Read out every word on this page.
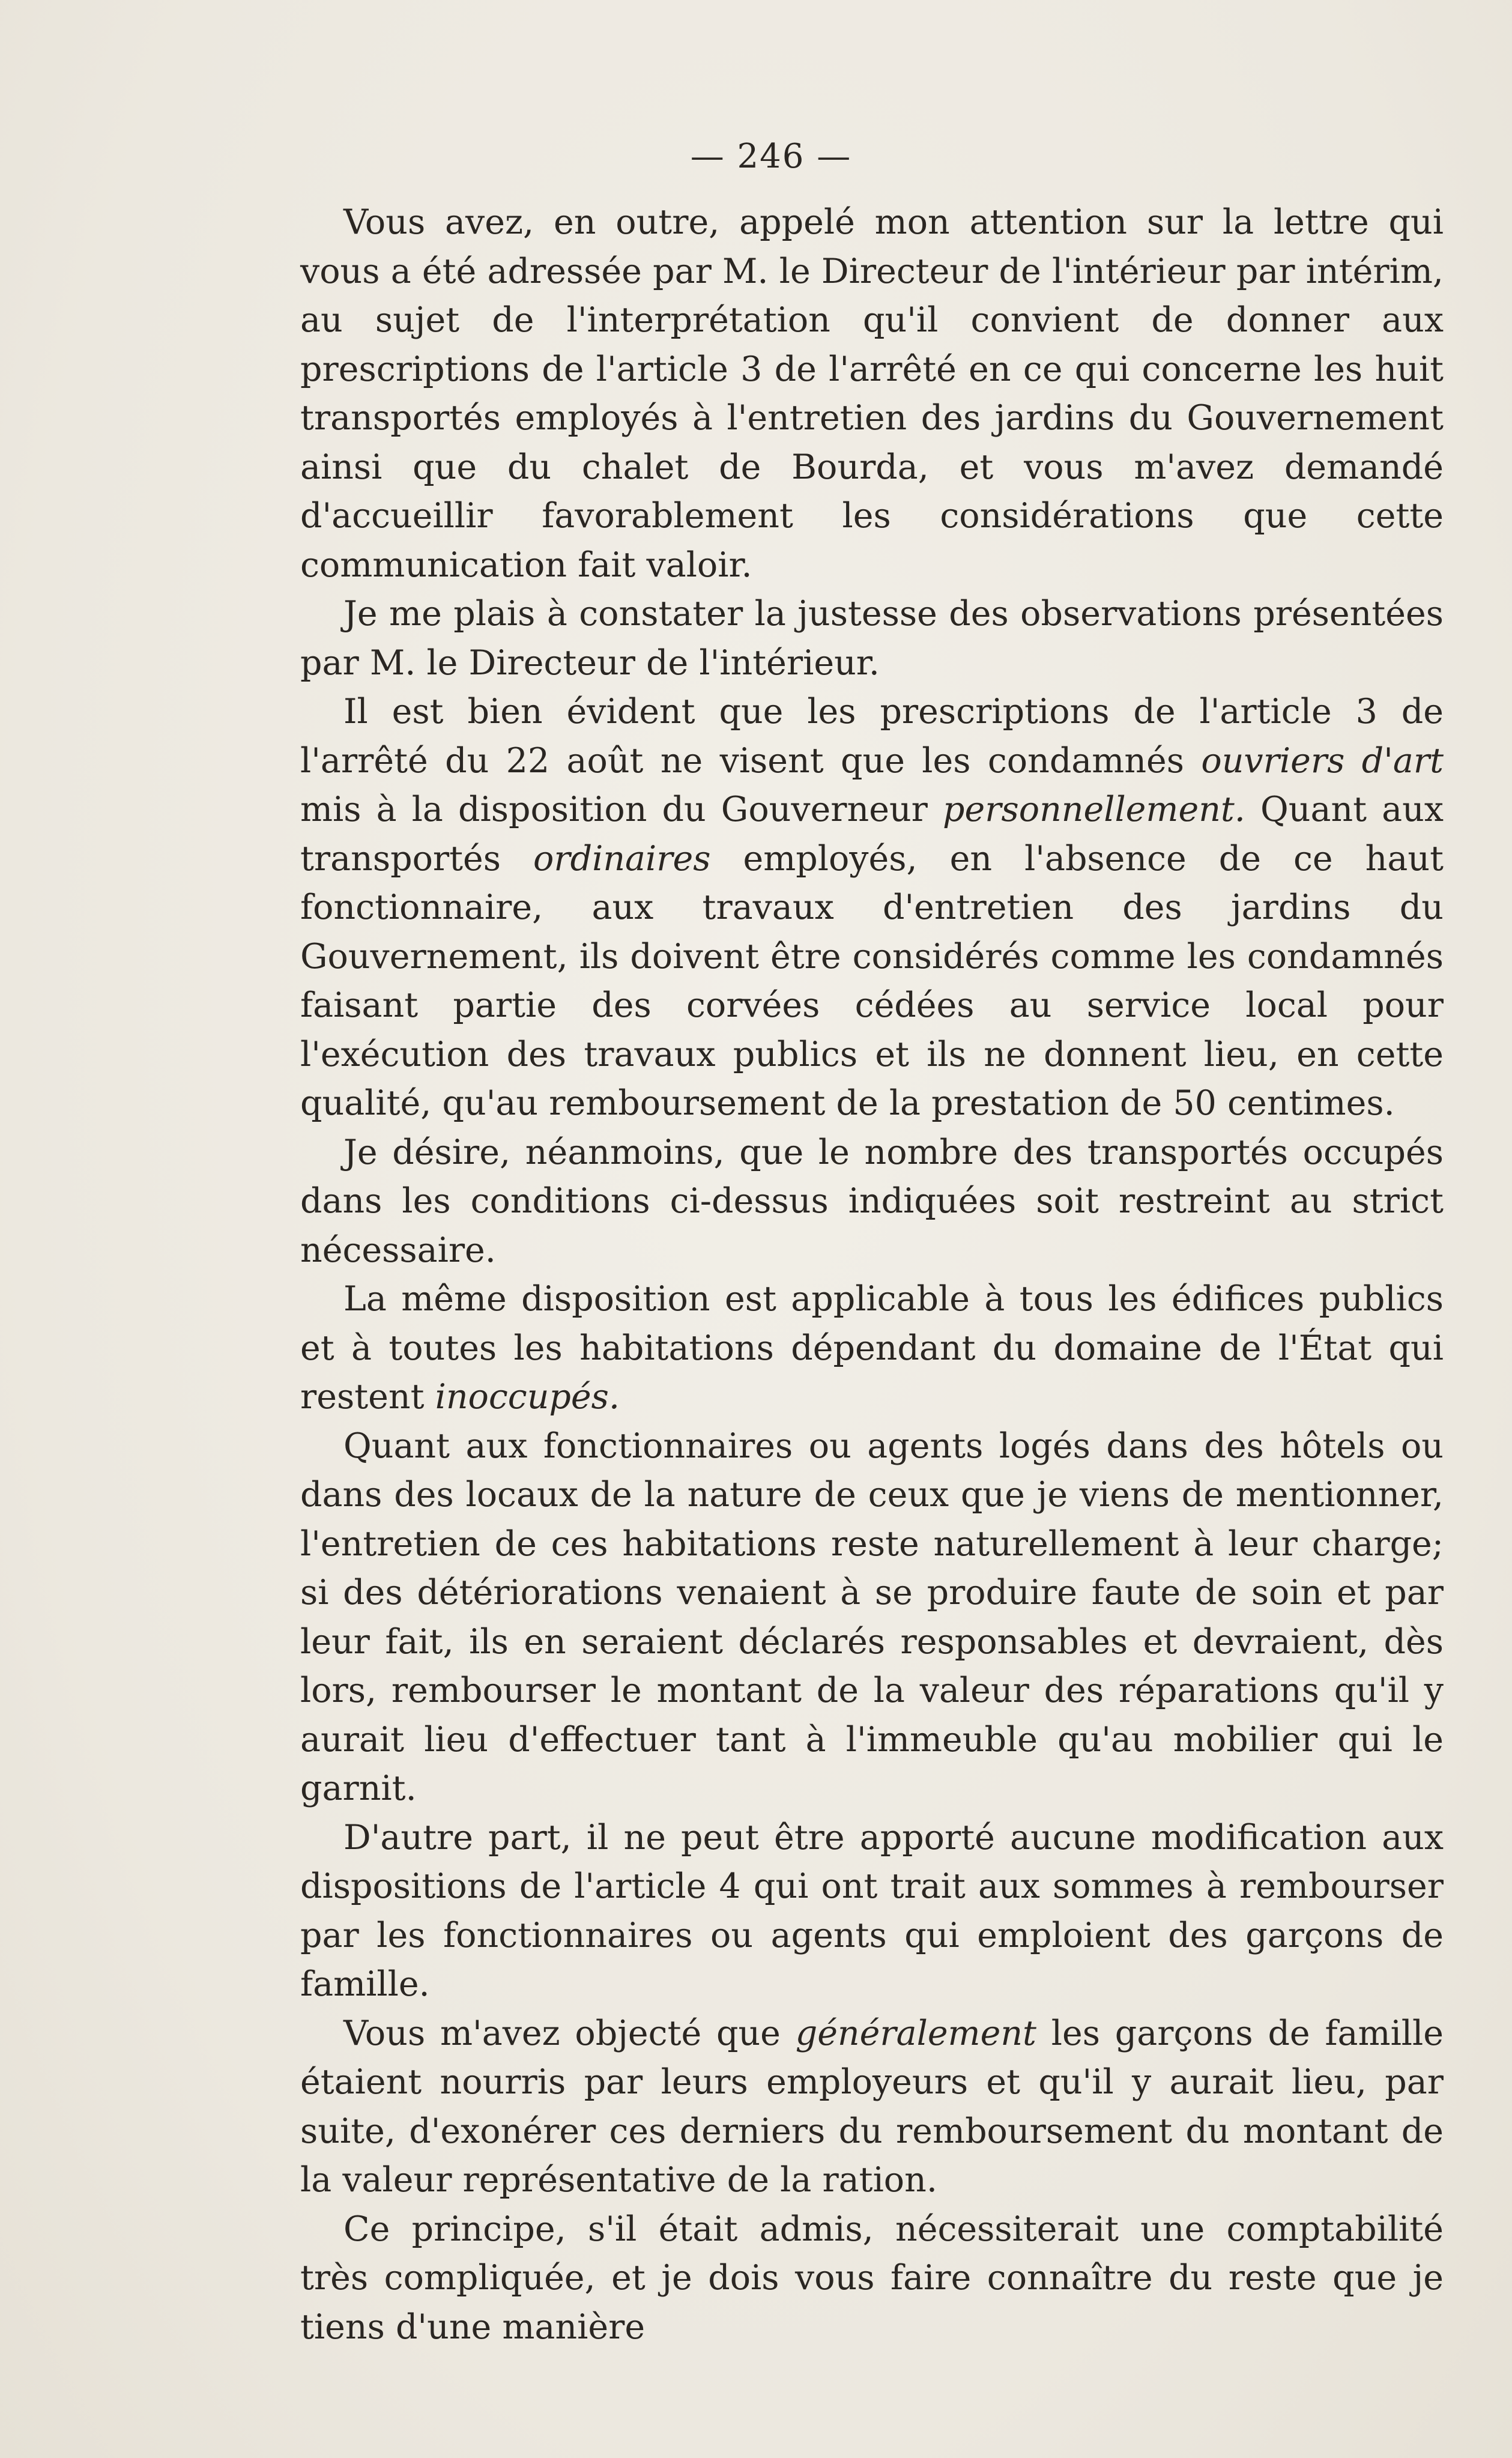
— 246 —

Vous avez, en outre, appelé mon attention sur la lettre qui vous a été adressée par M. le Directeur de l'intérieur par intérim, au sujet de l'interprétation qu'il convient de donner aux prescriptions de l'article 3 de l'arrêté en ce qui concerne les huit transportés employés à l'entretien des jardins du Gouvernement ainsi que du chalet de Bourda, et vous m'avez demandé d'accueillir favorablement les considérations que cette communication fait valoir.

Je me plais à constater la justesse des observations présentées par M. le Directeur de l'intérieur.

Il est bien évident que les prescriptions de l'article 3 de l'arrêté du 22 août ne visent que les condamnés ouvriers d'art mis à la disposition du Gouverneur personnellement. Quant aux transportés ordinaires employés, en l'absence de ce haut fonctionnaire, aux travaux d'entretien des jardins du Gouvernement, ils doivent être considérés comme les condamnés faisant partie des corvées cédées au service local pour l'exécution des travaux publics et ils ne donnent lieu, en cette qualité, qu'au remboursement de la prestation de 50 centimes.

Je désire, néanmoins, que le nombre des transportés occupés dans les conditions ci-dessus indiquées soit restreint au strict nécessaire.

La même disposition est applicable à tous les édifices publics et à toutes les habitations dépendant du domaine de l'État qui restent inoccupés.

Quant aux fonctionnaires ou agents logés dans des hôtels ou dans des locaux de la nature de ceux que je viens de mentionner, l'entretien de ces habitations reste naturellement à leur charge; si des détériorations venaient à se produire faute de soin et par leur fait, ils en seraient déclarés responsables et devraient, dès lors, rembourser le montant de la valeur des réparations qu'il y aurait lieu d'effectuer tant à l'immeuble qu'au mobilier qui le garnit.

D'autre part, il ne peut être apporté aucune modification aux dispositions de l'article 4 qui ont trait aux sommes à rembourser par les fonctionnaires ou agents qui emploient des garçons de famille.

Vous m'avez objecté que généralement les garçons de famille étaient nourris par leurs employeurs et qu'il y aurait lieu, par suite, d'exonérer ces derniers du remboursement du montant de la valeur représentative de la ration.

Ce principe, s'il était admis, nécessiterait une comptabilité très compliquée, et je dois vous faire connaître du reste que je tiens d'une manière
